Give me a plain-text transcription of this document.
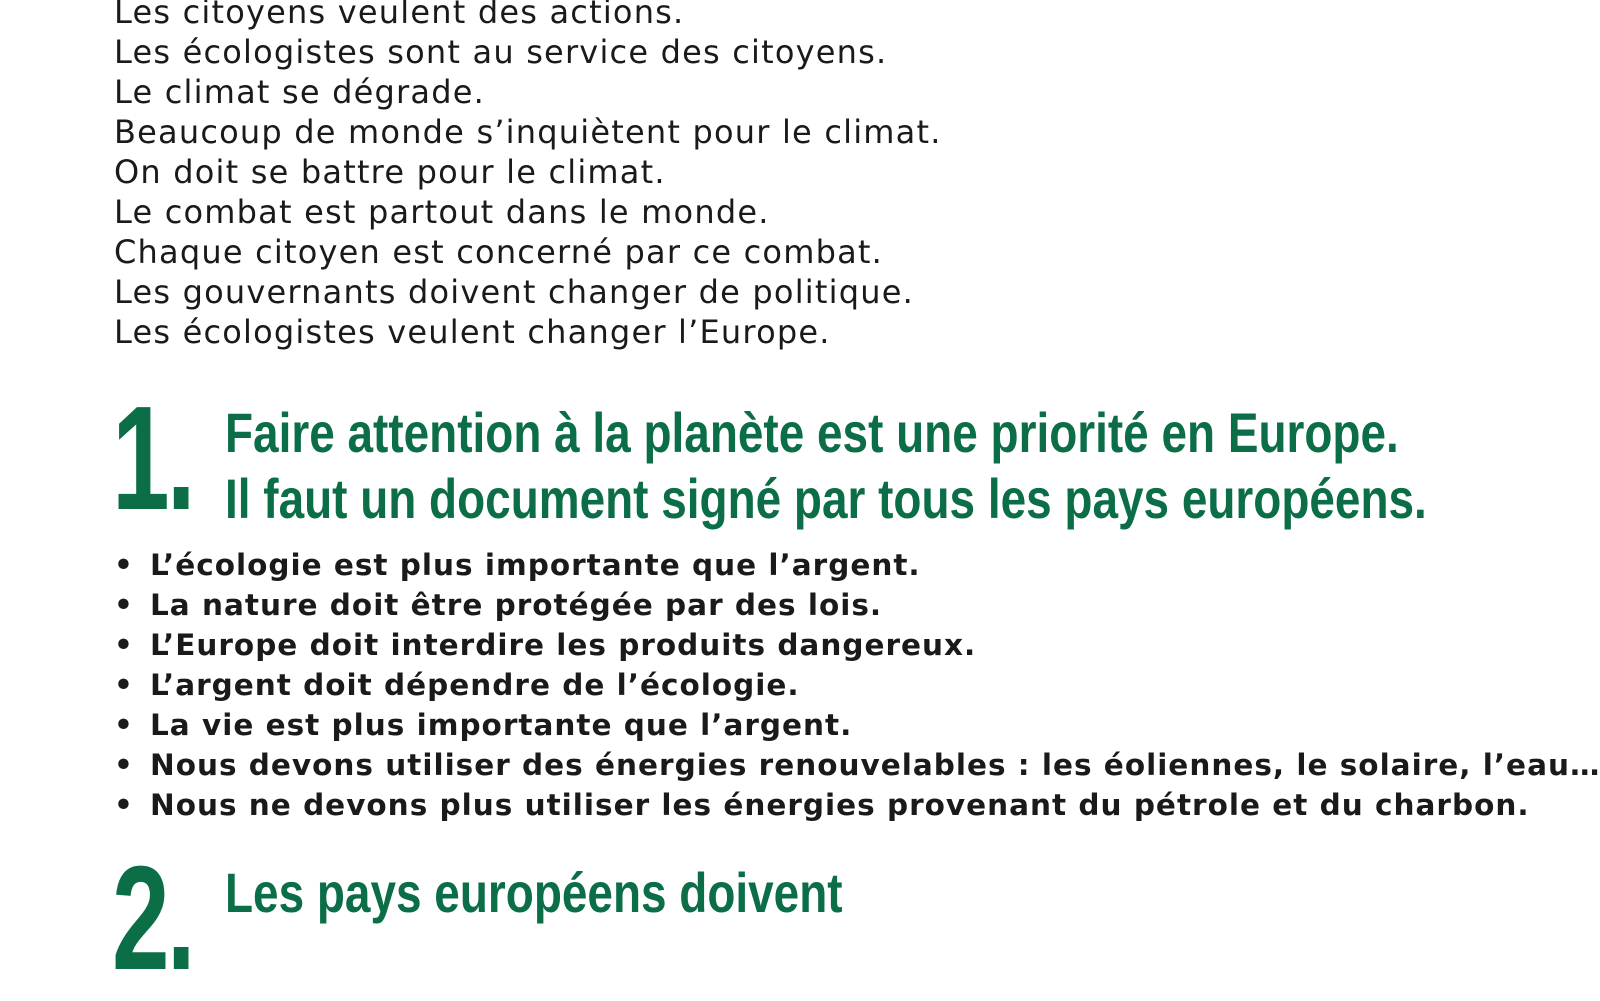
Les citoyens veulent des actions.
Les écologistes sont au service des citoyens.
Le climat se dégrade.
Beaucoup de monde s’inquiètent pour le climat.
On doit se battre pour le climat.
Le combat est partout dans le monde.
Chaque citoyen est concerné par ce combat.
Les gouvernants doivent changer de politique.
Les écologistes veulent changer l’Europe.
1. Faire attention à la planète est une priorité en Europe.
Il faut un document signé par tous les pays européens.
• L’écologie est plus importante que l’argent.
• La nature doit être protégée par des lois.
• L’Europe doit interdire les produits dangereux.
• L’argent doit dépendre de l’écologie.
• La vie est plus importante que l’argent.
• Nous devons utiliser des énergies renouvelables : les éoliennes, le solaire, l’eau…
• Nous ne devons plus utiliser les énergies provenant du pétrole et du charbon.
2. Les pays européens doivent
